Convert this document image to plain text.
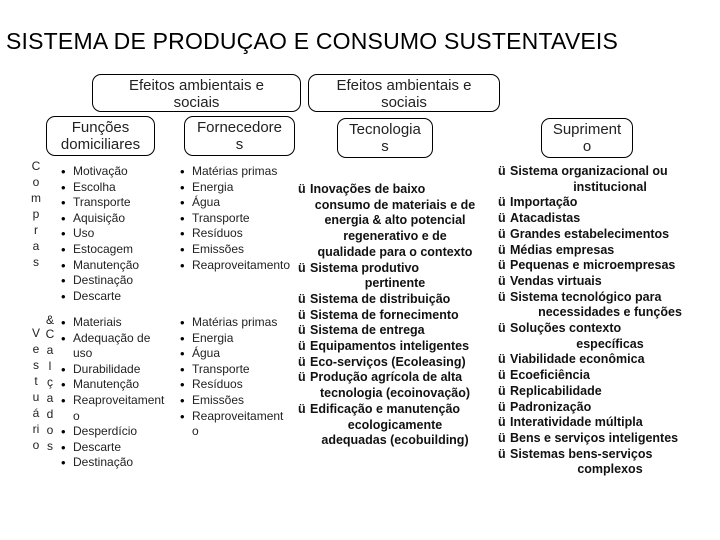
SISTEMA DE PRODUÇAO E CONSUMO SUSTENTAVEIS
Efeitos ambientais e
sociais
Efeitos ambientais e
sociais
Funções
domiciliares
Fornecedore
s
Tecnologia
s
Supriment
o
C
o
m
p
r
a
s
V
e
s
t
u
á
ri
o
&
C
a
l
ç
a
d
o
s
• Motivação
• Escolha
• Transporte
• Aquisição
• Uso
• Estocagem
• Manutenção
• Destinação
• Descarte
• Matérias primas
• Energia
• Água
• Transporte
• Resíduos
• Emissões
• Reaproveitamento
• Materiais
• Adequação de
uso
• Durabilidade
• Manutenção
• Reaproveitament
o
• Desperdício
• Descarte
• Destinação
• Matérias primas
• Energia
• Água
• Transporte
• Resíduos
• Emissões
• Reaproveitament
o
ü Inovações de baixo
consumo de materiais e de
energia & alto potencial
regenerativo e de
qualidade para o contexto
ü Sistema produtivo
pertinente
ü Sistema de distribuição
ü Sistema de fornecimento
ü Sistema de entrega
ü Equipamentos inteligentes
ü Eco-serviços (Ecoleasing)
ü Produção agrícola de alta
tecnologia (ecoinovação)
ü Edificação e manutenção
ecologicamente
adequadas (ecobuilding)
ü Sistema organizacional ou
institucional
ü Importação
ü Atacadistas
ü Grandes estabelecimentos
ü Médias empresas
ü Pequenas e microempresas
ü Vendas virtuais
ü Sistema tecnológico para
necessidades e funções
ü Soluções contexto
específicas
ü Viabilidade econômica
ü Ecoeficiência
ü Replicabilidade
ü Padronização
ü Interatividade múltipla
ü Bens e serviços inteligentes
ü Sistemas bens-serviços
complexos
